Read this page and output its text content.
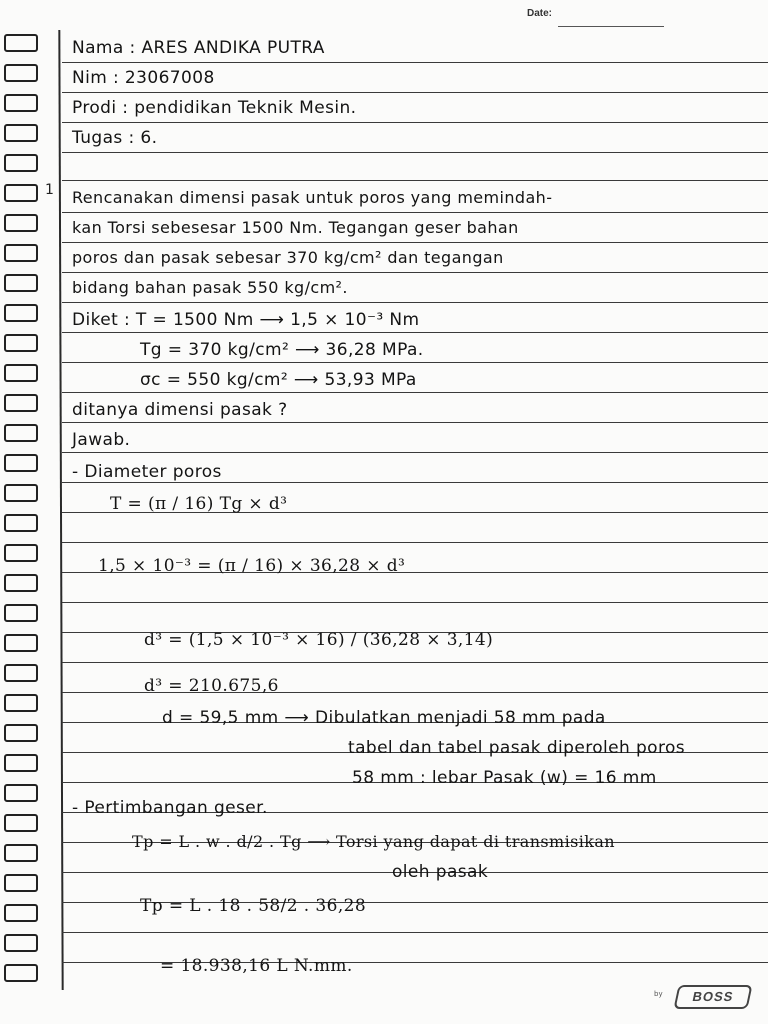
Date:
Nama : ARES ANDIKA PUTRA
Nim : 23067008
Prodi : pendidikan Teknik Mesin.
Tugas : 6.
1 Rencanakan dimensi pasak untuk poros yang memindah-
kan Torsi sebesesar 1500 Nm. Tegangan geser bahan
poros dan pasak sebesar 370 kg/cm² dan tegangan
bidang bahan pasak 550 kg/cm².
Diket : T = 1500 Nm ⟶ 1,5 × 10⁻³ Nm
Tg = 370 kg/cm² ⟶ 36,28 MPa.
σc = 550 kg/cm² ⟶ 53,93 MPa
ditanya dimensi pasak ?
Jawab.
- Diameter poros
T = (π / 16) Tg × d³
1,5 × 10⁻³ = (π / 16) × 36,28 × d³
d³ = (1,5 × 10⁻³ × 16) / (36,28 × 3,14)
d³ = 210.675,6
d = 59,5 mm ⟶ Dibulatkan menjadi 58 mm pada
tabel dan tabel pasak diperoleh poros
58 mm : lebar Pasak (w) = 16 mm
- Pertimbangan geser.
Tp = L . w . d/2 . Tg ⟶ Torsi yang dapat di transmisikan
oleh pasak
Tp = L . 18 . 58/2 . 36,28
= 18.938,16 L N.mm.
by	BOSS
